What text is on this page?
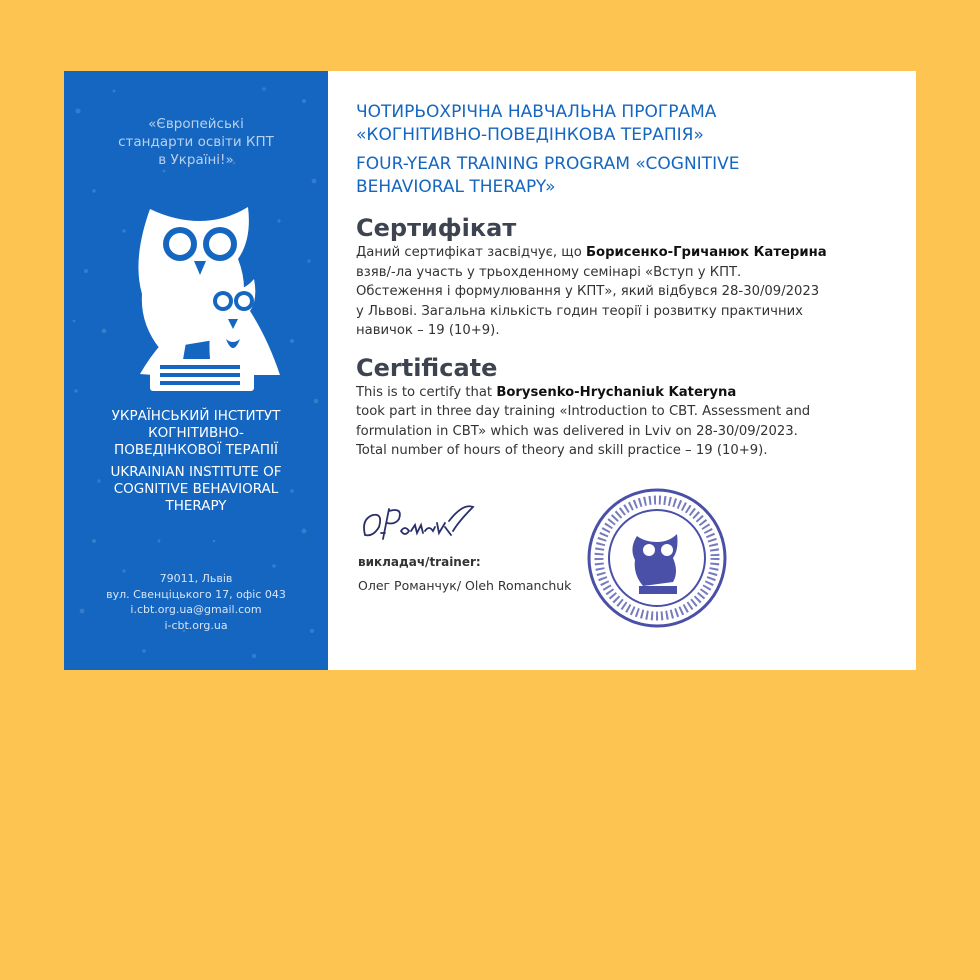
«Європейські
стандарти освіти КПТ
в Україні!»
УКРАЇНСЬКИЙ ІНСТИТУТ
КОГНІТИВНО-
ПОВЕДІНКОВОЇ ТЕРАПІЇ
UKRAINIAN INSTITUTE OF
COGNITIVE BEHAVIORAL
THERAPY
79011, Львів
вул. Свенціцького 17, офіс 043
i.cbt.org.ua@gmail.com
i-cbt.org.ua
ЧОТИРЬОХРІЧНА НАВЧАЛЬНА ПРОГРАМА
«КОГНІТИВНО-ПОВЕДІНКОВА ТЕРАПІЯ»
FOUR-YEAR TRAINING PROGRAM «COGNITIVE
BEHAVIORAL THERAPY»
Сертифікат
Даний сертифікат засвідчує, що Борисенко-Гричанюк Катерина
взяв/-ла участь у трьохденному семінарі «Вступ у КПТ.
Обстеження і формулювання у КПТ», який відбувся 28-30/09/2023
у Львові. Загальна кількість годин теорії і розвитку практичних
навичок – 19 (10+9).
Certificate
This is to certify that Borysenko-Hrychaniuk Kateryna
took part in three day training «Introduction to CBT. Assessment and
formulation in CBT» which was delivered in Lviv on 28-30/09/2023.
Total number of hours of theory and skill practice – 19 (10+9).
викладач/trainer:
Олег Романчук/ Oleh Romanchuk
